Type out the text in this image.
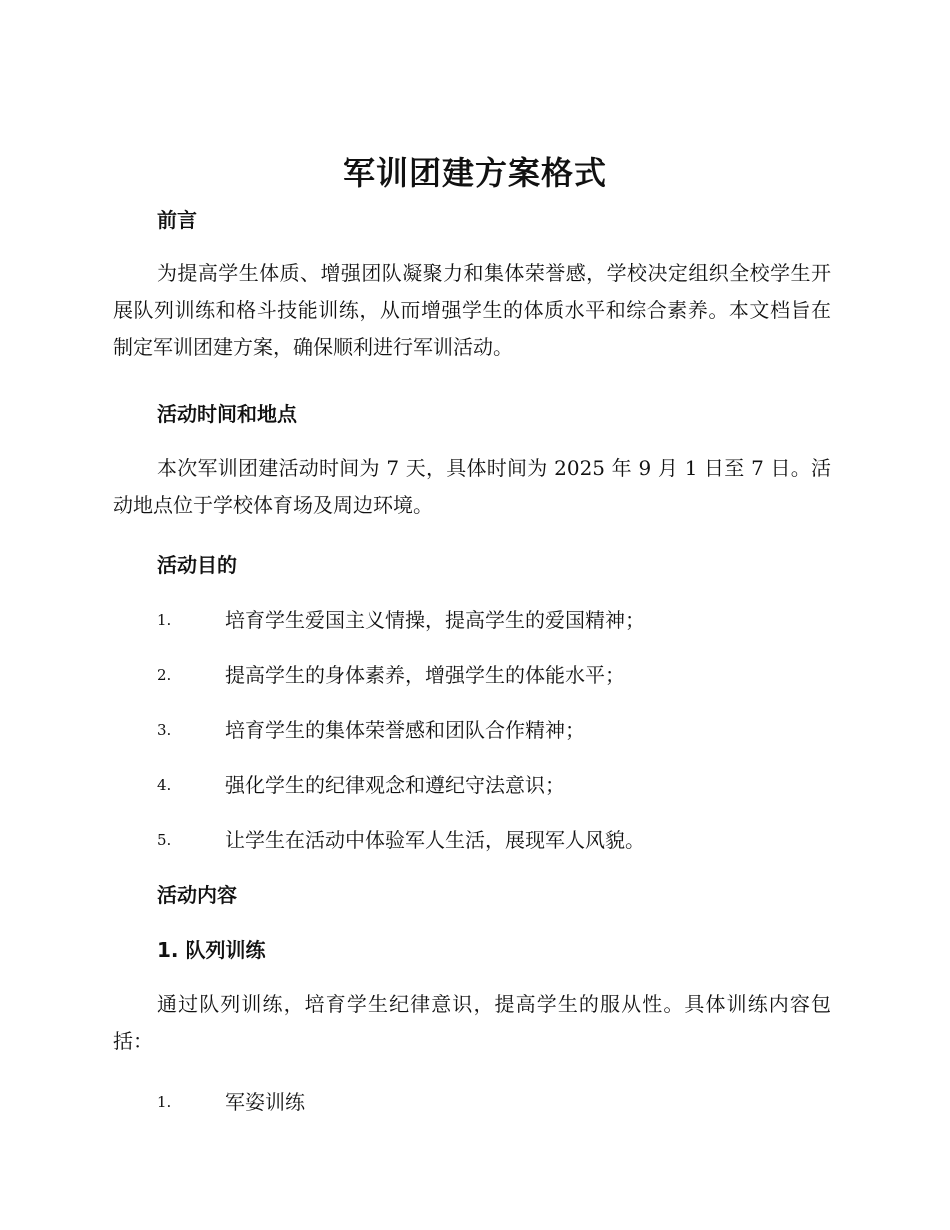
军训团建方案格式
前言

为提高学生体质、增强团队凝聚力和集体荣誉感，学校决定组织全校学生开展队列训练和格斗技能训练，从而增强学生的体质水平和综合素养。本文档旨在制定军训团建方案，确保顺利进行军训活动。

活动时间和地点

本次军训团建活动时间为 7 天，具体时间为 2025 年 9 月 1 日至 7 日。活动地点位于学校体育场及周边环境。

活动目的
1.	培育学生爱国主义情操，提高学生的爱国精神；
2.	提高学生的身体素养，增强学生的体能水平；
3.	培育学生的集体荣誉感和团队合作精神；
4.	强化学生的纪律观念和遵纪守法意识；
5.	让学生在活动中体验军人生活，展现军人风貌。
活动内容
1. 队列训练

通过队列训练，培育学生纪律意识，提高学生的服从性。具体训练内容包括：

1.	军姿训练
